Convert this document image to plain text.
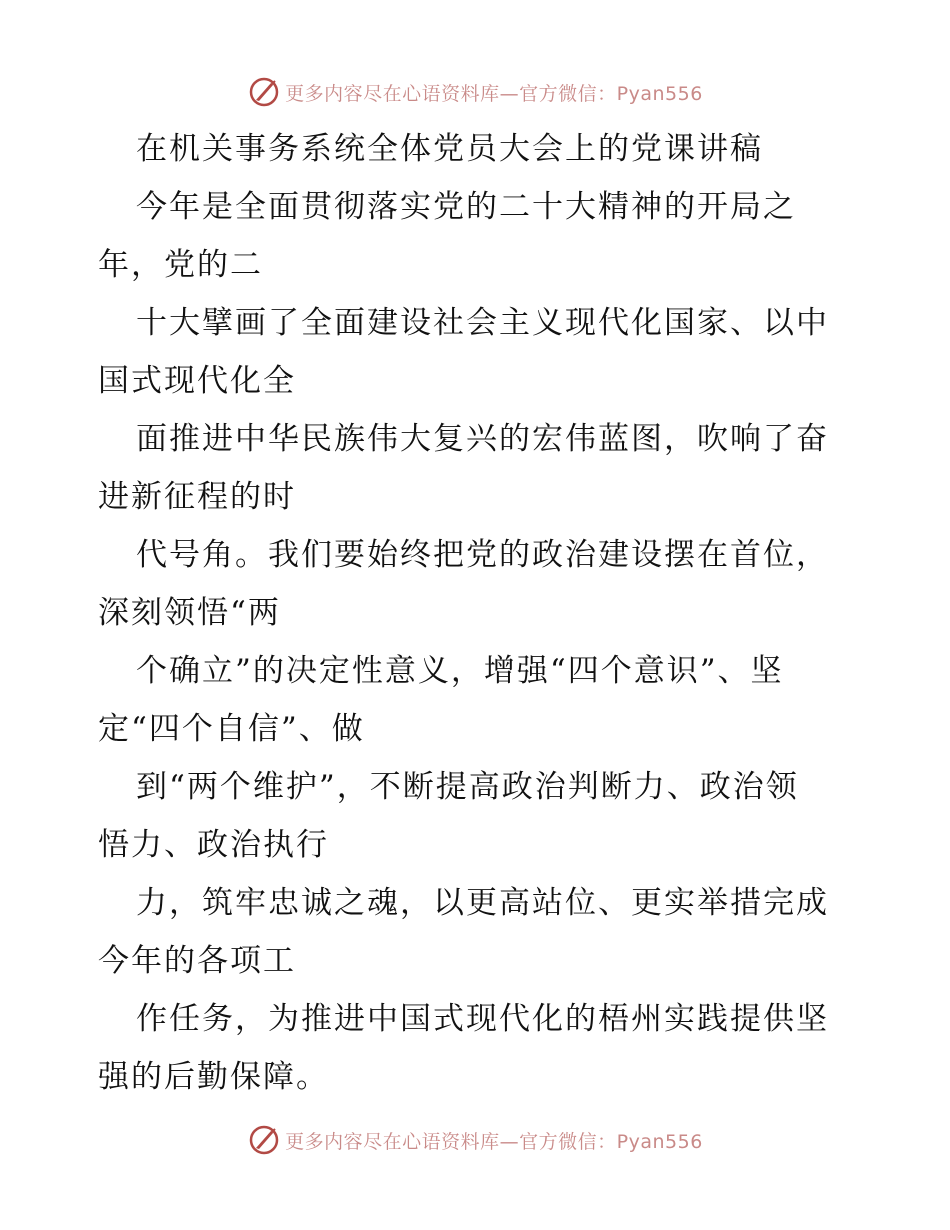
更多内容尽在心语资料库—官方微信：Pyan556
在机关事务系统全体党员大会上的党课讲稿
今年是全面贯彻落实党的二十大精神的开局之
年，党的二
十大擘画了全面建设社会主义现代化国家、以中
国式现代化全
面推进中华民族伟大复兴的宏伟蓝图，吹响了奋
进新征程的时
代号角。我们要始终把党的政治建设摆在首位，
深刻领悟“两
个确立”的决定性意义，增强“四个意识”、坚
定“四个自信”、做
到“两个维护”，不断提高政治判断力、政治领
悟力、政治执行
力，筑牢忠诚之魂，以更高站位、更实举措完成
今年的各项工
作任务，为推进中国式现代化的梧州实践提供坚
强的后勤保障。
更多内容尽在心语资料库—官方微信：Pyan556
